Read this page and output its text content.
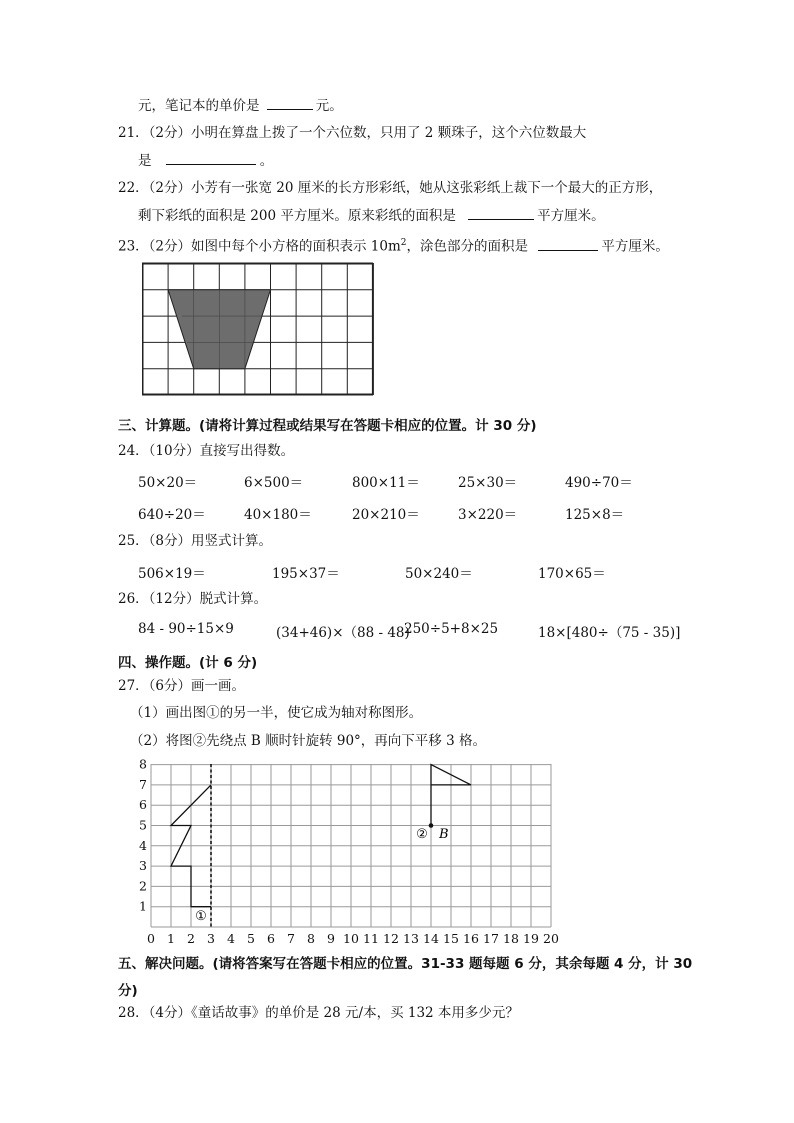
元，笔记本的单价是	元。
21．（2分）小明在算盘上拨了一个六位数，只用了 2 颗珠子，这个六位数最大
是	。
22．（2分）小芳有一张宽 20 厘米的长方形彩纸，她从这张彩纸上裁下一个最大的正方形，
剩下彩纸的面积是 200 平方厘米。原来彩纸的面积是	平方厘米。
23．（2分）如图中每个小方格的面积表示 $10m^2$，涂色部分的面积是	平方厘米。
三、计算题。(请将计算过程或结果写在答题卡相应的位置。计 30 分)
24．（10分）直接写出得数。
50×20＝	6×500＝	800×11＝	25×30＝	490÷70＝
640÷20＝	40×180＝	20×210＝	3×220＝	125×8＝
25．（8分）用竖式计算。
506×19＝	195×37＝	50×240＝	170×65＝
26．（12分）脱式计算。
84 - 90÷15×9	(34+46)×（88 - 48)
250÷5+8×25	18×[480÷（75 - 35)]
四、操作题。(计 6 分)
27．（6分）画一画。
（1）画出图①的另一半，使它成为轴对称图形。
（2）将图②先绕点 B 顺时针旋转 90°，再向下平移 3 格。
8
7
6
5
4
3
2
1
0 1 2 3 4 5 6 7 8 9 10 11 12 13 14 15 16 17 18 19 20
①
② B
五、解决问题。(请将答案写在答题卡相应的位置。31-33 题每题 6 分，其余每题 4 分，计 30
分)
28．（4分）《童话故事》的单价是 28 元/本，买 132 本用多少元？
